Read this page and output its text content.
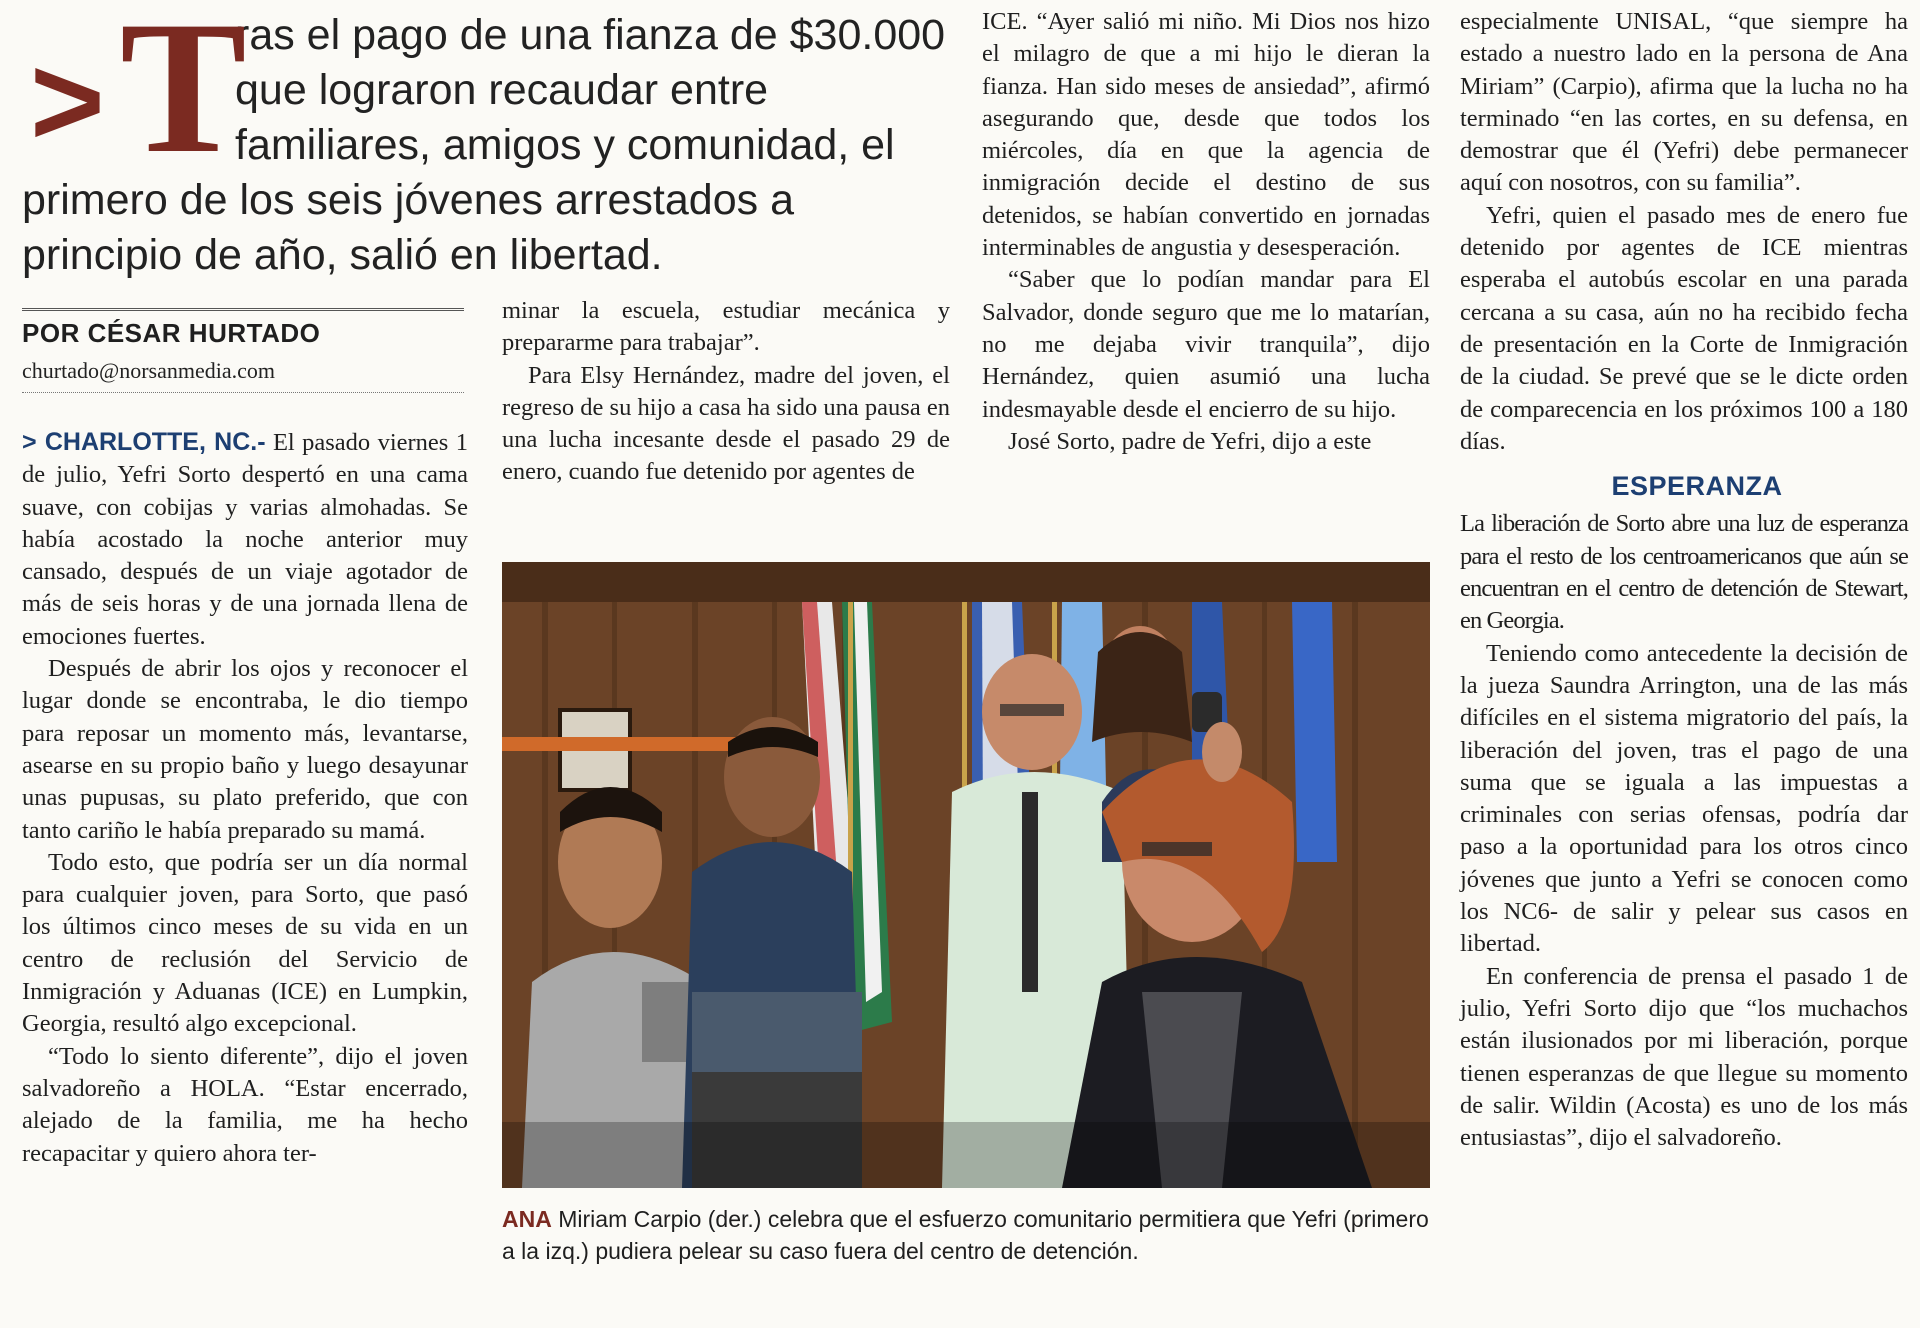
> T
ras el pago de una fianza de $30.000 que lograron recaudar entre familiares, amigos y comunidad, el primero de los seis jóvenes arrestados a principio de año, salió en libertad.
POR CÉSAR HURTADO
churtado@norsanmedia.com

> CHARLOTTE, NC.- El pasado viernes 1 de julio, Yefri Sorto despertó en una cama suave, con cobijas y varias almohadas. Se había acostado la noche anterior muy cansado, después de un viaje agotador de más de seis horas y de una jornada llena de emociones fuertes.

Después de abrir los ojos y reconocer el lugar donde se encontraba, le dio tiempo para reposar un momento más, levantarse, asearse en su propio baño y luego desayunar unas pupusas, su plato preferido, que con tanto cariño le había preparado su mamá.

Todo esto, que podría ser un día normal para cualquier joven, para Sorto, que pasó los últimos cinco meses de su vida en un centro de reclusión del Servicio de Inmigración y Aduanas (ICE) en Lumpkin, Georgia, resultó algo excepcional.

“Todo lo siento diferente”, dijo el joven salvadoreño a HOLA. “Estar encerrado, alejado de la familia, me ha hecho recapacitar y quiero ahora ter-

minar la escuela, estudiar mecánica y prepararme para trabajar”.

Para Elsy Hernández, madre del joven, el regreso de su hijo a casa ha sido una pausa en una lucha incesante desde el pasado 29 de enero, cuando fue detenido por agentes de

ICE. “Ayer salió mi niño. Mi Dios nos hizo el milagro de que a mi hijo le dieran la fianza. Han sido meses de ansiedad”, afirmó asegurando que, desde que todos los miércoles, día en que la agencia de inmigración decide el destino de sus detenidos, se habían convertido en jornadas interminables de angustia y desesperación.

“Saber que lo podían mandar para El Salvador, donde seguro que me lo matarían, no me dejaba vivir tranquila”, dijo Hernández, quien asumió una lucha indesmayable desde el encierro de su hijo.

José Sorto, padre de Yefri, dijo a este

especialmente UNISAL, “que siempre ha estado a nuestro lado en la persona de Ana Miriam” (Carpio), afirma que la lucha no ha terminado “en las cortes, en su defensa, en demostrar que él (Yefri) debe permanecer aquí con nosotros, con su familia”.

Yefri, quien el pasado mes de enero fue detenido por agentes de ICE mientras esperaba el autobús escolar en una parada cercana a su casa, aún no ha recibido fecha de presentación en la Corte de Inmigración de la ciudad. Se prevé que se le dicte orden de comparecencia en los próximos 100 a 180 días.

ESPERANZA

La liberación de Sorto abre una luz de esperanza para el resto de los centroamericanos que aún se encuentran en el centro de detención de Stewart, en Georgia.

Teniendo como antecedente la decisión de la jueza Saundra Arrington, una de las más difíciles en el sistema migratorio del país, la liberación del joven, tras el pago de una suma que se iguala a las impuestas a criminales con serias ofensas, podría dar paso a la oportunidad para los otros cinco jóvenes que junto a Yefri se conocen como los NC6- de salir y pelear sus casos en libertad.

En conferencia de prensa el pasado 1 de julio, Yefri Sorto dijo que “los muchachos están ilusionados por mi liberación, porque tienen esperanzas de que llegue su momento de salir. Wildin (Acosta) es uno de los más entusiastas”, dijo el salvadoreño.

ANA Miriam Carpio (der.) celebra que el esfuerzo comunitario permitiera que Yefri (primero a la izq.) pudiera pelear su caso fuera del centro de detención.
